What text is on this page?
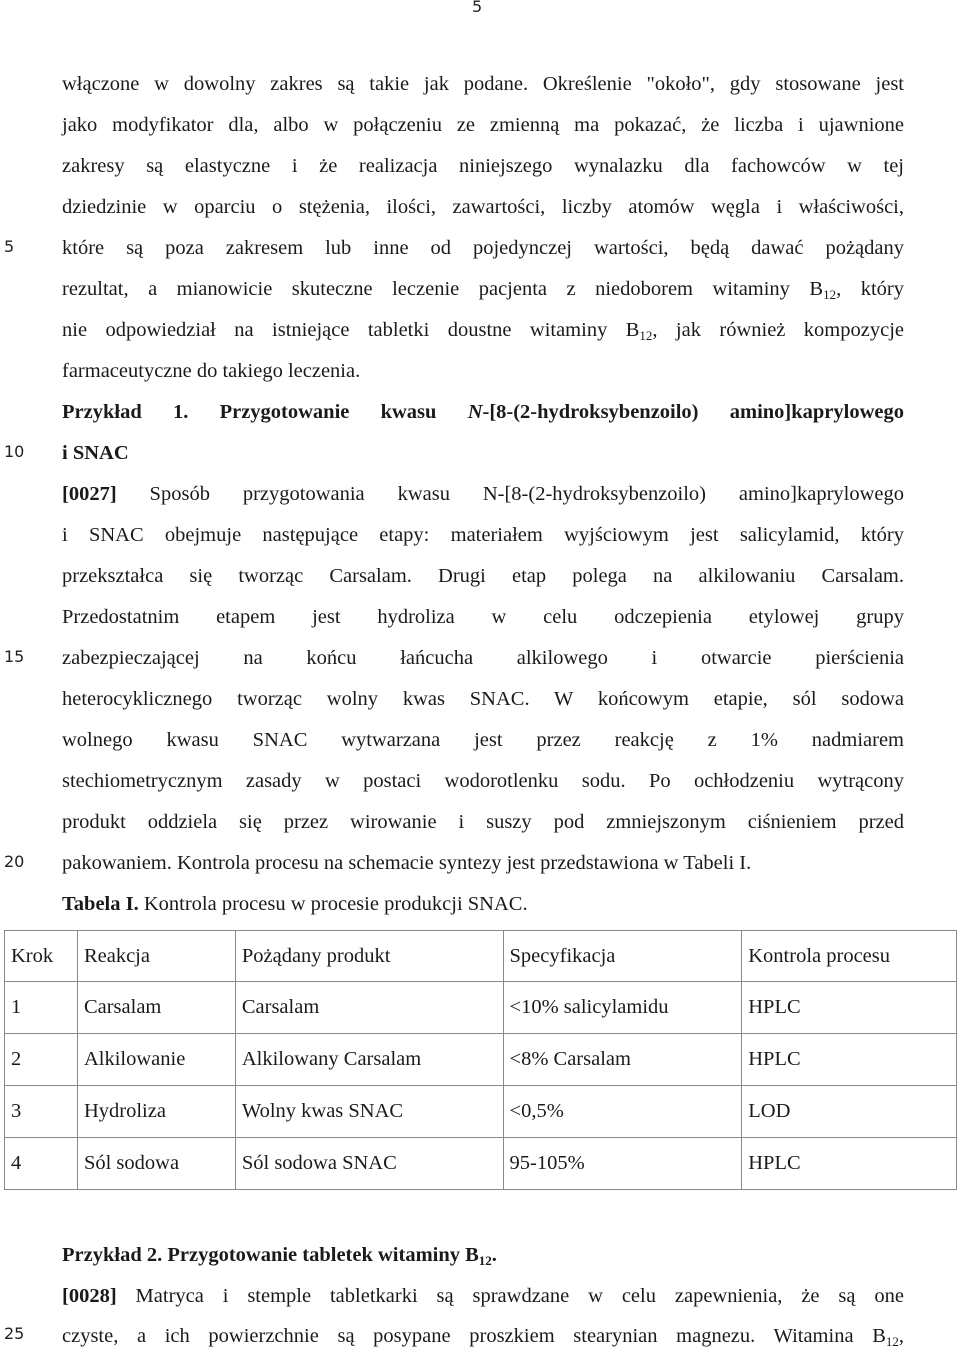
5
5
10
15
20
25
włączone w dowolny zakres są takie jak podane. Określenie "około", gdy stosowane jest
jako modyfikator dla, albo w połączeniu ze zmienną ma pokazać, że liczba i ujawnione
zakresy są elastyczne i że realizacja niniejszego wynalazku dla fachowców w tej
dziedzinie w oparciu o stężenia, ilości, zawartości, liczby atomów węgla i właściwości,
które są poza zakresem lub inne od pojedynczej wartości, będą dawać pożądany
rezultat, a mianowicie skuteczne leczenie pacjenta z niedoborem witaminy $B_{12}$, który
nie odpowiedział na istniejące tabletki doustne witaminy $B_{12}$, jak również kompozycje
farmaceutyczne do takiego leczenia.
Przykład 1. Przygotowanie kwasu N-[8-(2-hydroksybenzoilo) amino]kaprylowego
i SNAC
[0027] Sposób przygotowania kwasu N-[8-(2-hydroksybenzoilo) amino]kaprylowego
i SNAC obejmuje następujące etapy: materiałem wyjściowym jest salicylamid, który
przekształca się tworząc Carsalam. Drugi etap polega na alkilowaniu Carsalam.
Przedostatnim etapem jest hydroliza w celu odczepienia etylowej grupy
zabezpieczającej na końcu łańcucha alkilowego i otwarcie pierścienia
heterocyklicznego tworząc wolny kwas SNAC. W końcowym etapie, sól sodowa
wolnego kwasu SNAC wytwarzana jest przez reakcję z 1% nadmiarem
stechiometrycznym zasady w postaci wodorotlenku sodu. Po ochłodzeniu wytrącony
produkt oddziela się przez wirowanie i suszy pod zmniejszonym ciśnieniem przed
pakowaniem. Kontrola procesu na schemacie syntezy jest przedstawiona w Tabeli I.
Tabela I. Kontrola procesu w procesie produkcji SNAC.
Krok	Reakcja	Pożądany produkt	Specyfikacja	Kontrola procesu
1	Carsalam	Carsalam	<10% salicylamidu	HPLC
2	Alkilowanie	Alkilowany Carsalam	<8% Carsalam	HPLC
3	Hydroliza	Wolny kwas SNAC	<0,5%	LOD
4	Sól sodowa	Sól sodowa SNAC	95-105%	HPLC
Przykład 2. Przygotowanie tabletek witaminy $B_{12}$.
[0028] Matryca i stemple tabletkarki są sprawdzane w celu zapewnienia, że są one
czyste, a ich powierzchnie są posypane proszkiem stearynian magnezu. Witamina $B_{12}$,
